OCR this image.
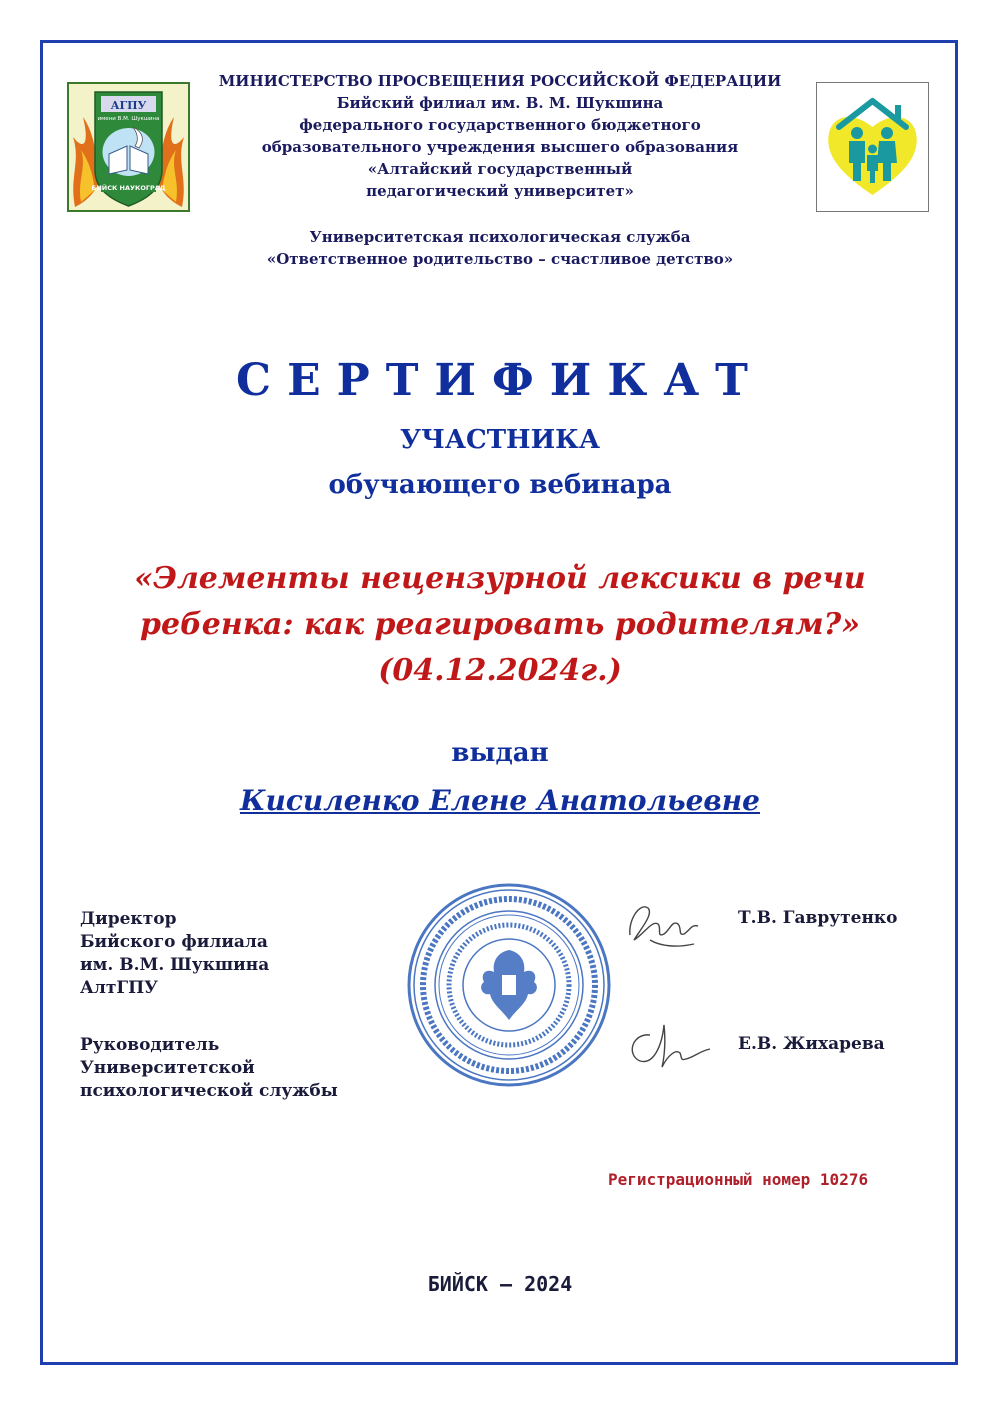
АГПУ
имени В.М. Шукшина
БИЙСК НАУКОГРАД
МИНИСТЕРСТВО ПРОСВЕЩЕНИЯ РОССИЙСКОЙ ФЕДЕРАЦИИ
Бийский филиал им. В. М. Шукшина
федерального государственного бюджетного
образовательного учреждения высшего образования
«Алтайский государственный
педагогический университет»
Университетская психологическая служба
«Ответственное родительство – счастливое детство»
СЕРТИФИКАТ
УЧАСТНИКА
обучающего вебинара
«Элементы нецензурной лексики в речи
ребенка: как реагировать родителям?»
(04.12.2024г.)
выдан
Кисиленко Елене Анатольевне
Директор
Бийского филиала
им. В.М. Шукшина
АлтГПУ
Т.В. Гаврутенко
Руководитель
Университетской
психологической службы
Е.В. Жихарева
Регистрационный номер 10276
БИЙСК – 2024
